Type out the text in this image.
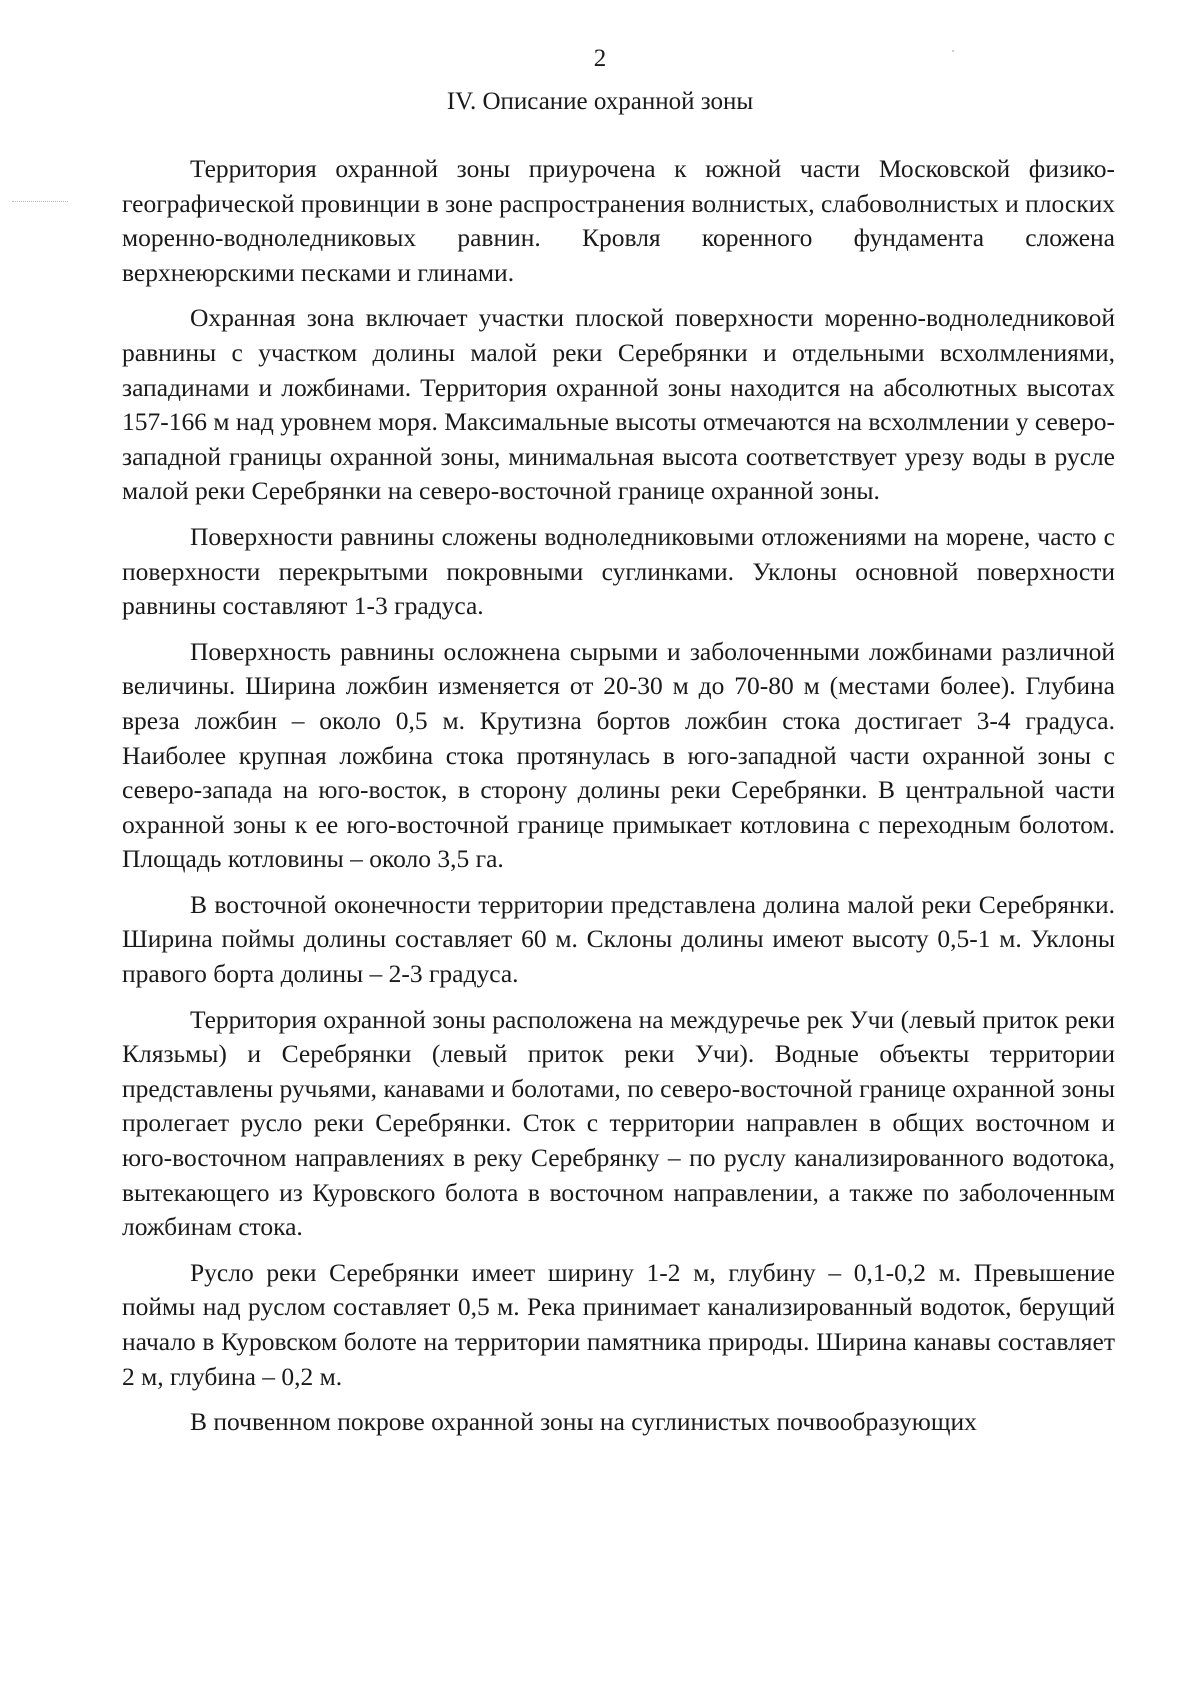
2
IV. Описание охранной зоны

Территория охранной зоны приурочена к южной части Московской физико-географической провинции в зоне распространения волнистых, слабоволнистых и плоских моренно-водноледниковых равнин. Кровля коренного фундамента сложена верхнеюрскими песками и глинами.

Охранная зона включает участки плоской поверхности моренно-водноледниковой равнины с участком долины малой реки Серебрянки и отдельными всхолмлениями, западинами и ложбинами. Территория охранной зоны находится на абсолютных высотах 157-166 м над уровнем моря. Максимальные высоты отмечаются на всхолмлении у северо-западной границы охранной зоны, минимальная высота соответствует урезу воды в русле малой реки Серебрянки на северо-восточной границе охранной зоны.

Поверхности равнины сложены водноледниковыми отложениями на морене, часто с поверхности перекрытыми покровными суглинками. Уклоны основной поверхности равнины составляют 1-3 градуса.

Поверхность равнины осложнена сырыми и заболоченными ложбинами различной величины. Ширина ложбин изменяется от 20-30 м до 70-80 м (местами более). Глубина вреза ложбин – около 0,5 м. Крутизна бортов ложбин стока достигает 3-4 градуса. Наиболее крупная ложбина стока протянулась в юго-западной части охранной зоны с северо-запада на юго-восток, в сторону долины реки Серебрянки. В центральной части охранной зоны к ее юго-восточной границе примыкает котловина с переходным болотом. Площадь котловины – около 3,5 га.

В восточной оконечности территории представлена долина малой реки Серебрянки. Ширина поймы долины составляет 60 м. Склоны долины имеют высоту 0,5-1 м. Уклоны правого борта долины – 2-3 градуса.

Территория охранной зоны расположена на междуречье рек Учи (левый приток реки Клязьмы) и Серебрянки (левый приток реки Учи). Водные объекты территории представлены ручьями, канавами и болотами, по северо-восточной границе охранной зоны пролегает русло реки Серебрянки. Сток с территории направлен в общих восточном и юго-восточном направлениях в реку Серебрянку – по руслу канализированного водотока, вытекающего из Куровского болота в восточном направлении, а также по заболоченным ложбинам стока.

Русло реки Серебрянки имеет ширину 1-2 м, глубину – 0,1-0,2 м. Превышение поймы над руслом составляет 0,5 м. Река принимает канализированный водоток, берущий начало в Куровском болоте на территории памятника природы. Ширина канавы составляет 2 м, глубина – 0,2 м.

В почвенном покрове охранной зоны на суглинистых почвообразующих
